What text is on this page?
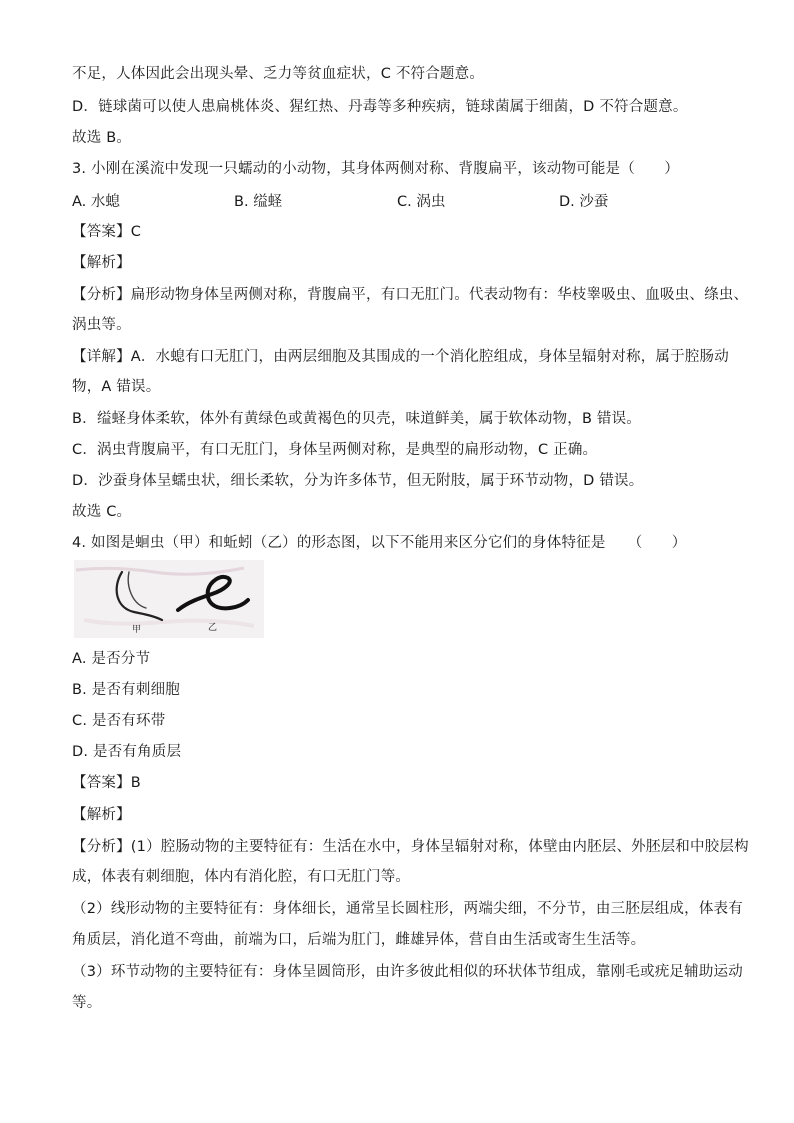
不足，人体因此会出现头晕、乏力等贫血症状，C 不符合题意。
D．链球菌可以使人患扁桃体炎、猩红热、丹毒等多种疾病，链球菌属于细菌，D 不符合题意。
故选 B。
3. 小刚在溪流中发现一只蠕动的小动物，其身体两侧对称、背腹扁平，该动物可能是（　　）
A. 水螅	B. 缢蛏	C. 涡虫	D. 沙蚕
【答案】C
【解析】
【分析】扁形动物身体呈两侧对称，背腹扁平，有口无肛门。代表动物有：华枝睾吸虫、血吸虫、绦虫、
涡虫等。
【详解】A．水螅有口无肛门，由两层细胞及其围成的一个消化腔组成，身体呈辐射对称，属于腔肠动
物，A 错误。
B．缢蛏身体柔软，体外有黄绿色或黄褐色的贝壳，味道鲜美，属于软体动物，B 错误。
C．涡虫背腹扁平，有口无肛门，身体呈两侧对称，是典型的扁形动物，C 正确。
D．沙蚕身体呈蠕虫状，细长柔软，分为许多体节，但无附肢，属于环节动物，D 错误。
故选 C。
4. 如图是蛔虫（甲）和蚯蚓（乙）的形态图，以下不能用来区分它们的身体特征是　　（　　）
甲	乙
A. 是否分节
B. 是否有刺细胞
C. 是否有环带
D. 是否有角质层
【答案】B
【解析】
【分析】(1）腔肠动物的主要特征有：生活在水中，身体呈辐射对称，体壁由内胚层、外胚层和中胶层构
成，体表有刺细胞，体内有消化腔，有口无肛门等。
（2）线形动物的主要特征有：身体细长，通常呈长圆柱形，两端尖细，不分节，由三胚层组成，体表有
角质层，消化道不弯曲，前端为口，后端为肛门，雌雄异体，营自由生活或寄生生活等。
（3）环节动物的主要特征有：身体呈圆筒形，由许多彼此相似的环状体节组成，靠刚毛或疣足辅助运动
等。
